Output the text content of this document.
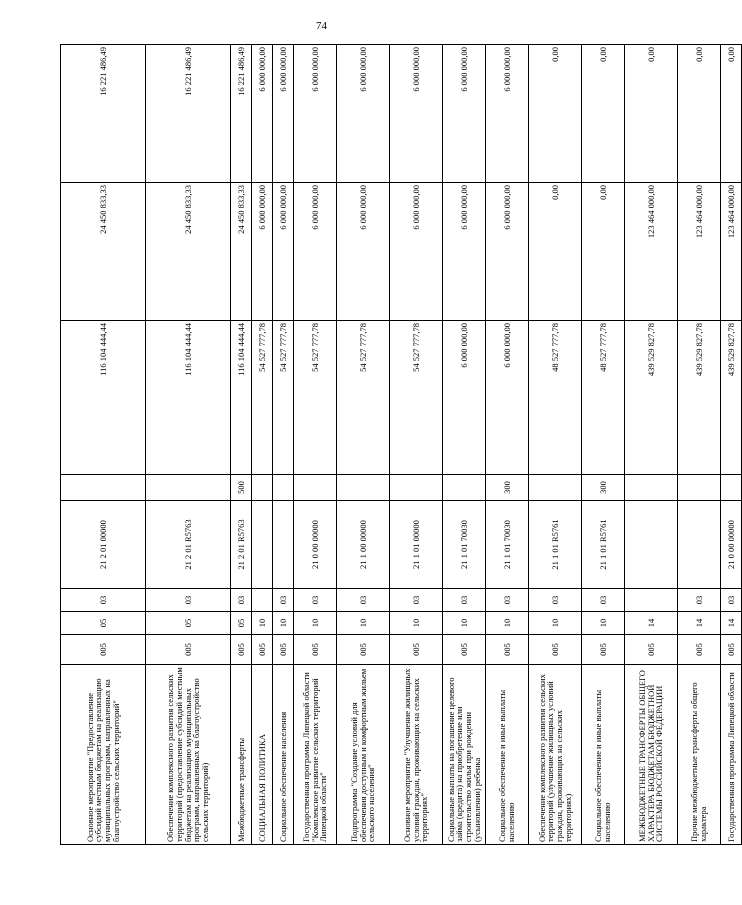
74
Основное мероприятие "Предоставление субсидий местным бюджетам на реализацию муниципальных программ, направленных на благоустройство сельских территорий"	005	05	03	21 2 01 00000		116 104 444,44	24 450 833,33	16 221 486,49
Обеспечение комплексного развития сельских территорий (предоставление субсидий местным бюджетам на реализацию муниципальных программ, направленных на благоустройство сельских территорий)	005	05	03	21 2 01 R5763		116 104 444,44	24 450 833,33	16 221 486,49
Межбюджетные трансферты	005	05	03	21 2 01 R5763	500	116 104 444,44	24 450 833,33	16 221 486,49
СОЦИАЛЬНАЯ ПОЛИТИКА	005	10				54 527 777,78	6 000 000,00	6 000 000,00
Социальное обеспечение населения	005	10	03			54 527 777,78	6 000 000,00	6 000 000,00
Государственная программа Липецкой области "Комплексное развитие сельских территорий Липецкой области"	005	10	03	21 0 00 00000		54 527 777,78	6 000 000,00	6 000 000,00
Подпрограмма "Создание условий для обеспечения доступным и комфортным жильем сельского населения"	005	10	03	21 1 00 00000		54 527 777,78	6 000 000,00	6 000 000,00
Основное мероприятие "Улучшение жилищных условий граждан, проживающих на сельских территориях"	005	10	03	21 1 01 00000		54 527 777,78	6 000 000,00	6 000 000,00
Социальные выплаты на погашение целевого займа (кредита) на приобретение или строительство жилья при рождении (усыновлении) ребенка	005	10	03	21 1 01 70030		6 000 000,00	6 000 000,00	6 000 000,00
Социальное обеспечение и иные выплаты населению	005	10	03	21 1 01 70030	300	6 000 000,00	6 000 000,00	6 000 000,00
Обеспечение комплексного развития сельских территорий (улучшение жилищных условий граждан, проживающих на сельских территориях)	005	10	03	21 1 01 R5761		48 527 777,78	0,00	0,00
Социальное обеспечение и иные выплаты населению	005	10	03	21 1 01 R5761	300	48 527 777,78	0,00	0,00
МЕЖБЮДЖЕТНЫЕ ТРАНСФЕРТЫ ОБЩЕГО ХАРАКТЕРА БЮДЖЕТАМ БЮДЖЕТНОЙ СИСТЕМЫ РОССИЙСКОЙ ФЕДЕРАЦИИ	005	14				439 529 827,78	123 464 000,00	0,00
Прочие межбюджетные трансферты общего характера	005	14	03			439 529 827,78	123 464 000,00	0,00
Государственная программа Липецкой области	005	14	03	21 0 00 00000		439 529 827,78	123 464 000,00	0,00
